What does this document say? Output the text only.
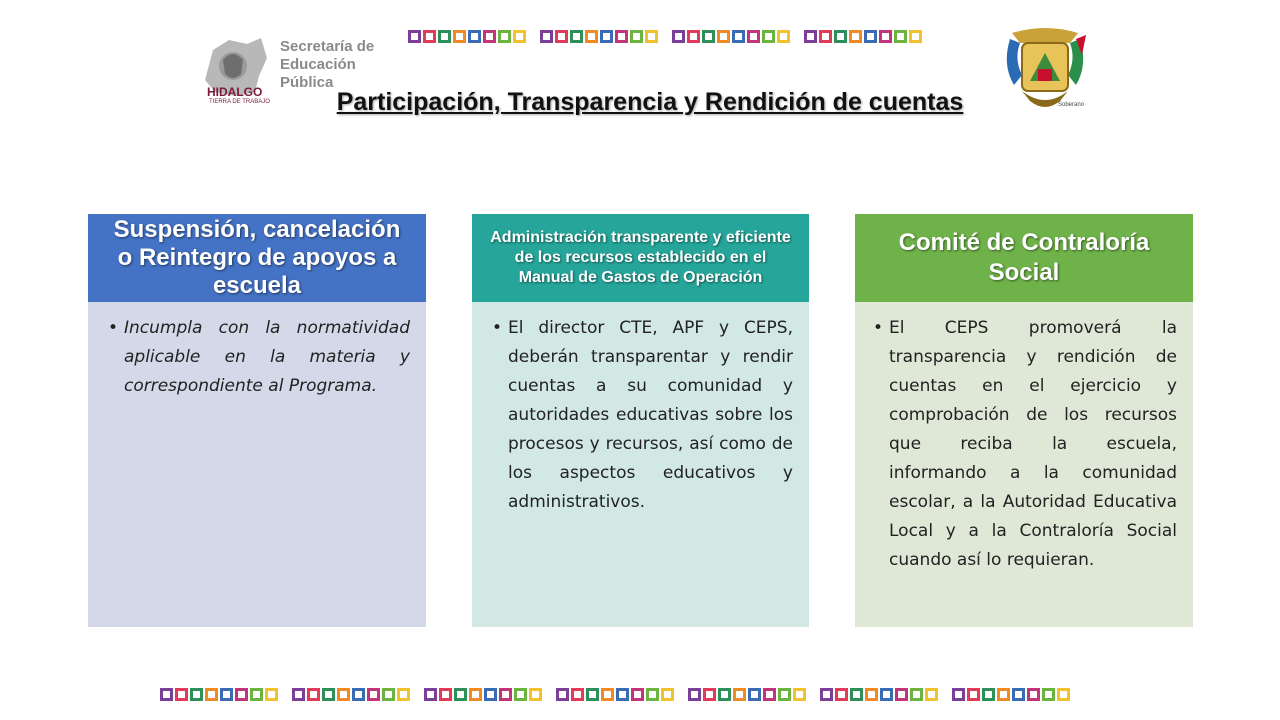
Secretaría de
Educación
Pública
HIDALGO
TIERRA DE TRABAJO	Soberano
Participación, Transparencia y Rendición de cuentas
Suspensión, cancelación o Reintegro de apoyos a escuela
• Incumpla con la normatividad aplicable en la materia y correspondiente al Programa.
Administración transparente y eficiente de los recursos establecido en el Manual de Gastos de Operación
• El director CTE, APF y CEPS, deberán transparentar y rendir cuentas a su comunidad y autoridades educativas sobre los procesos y recursos, así como de los aspectos educativos y administrativos.
Comité de Contraloría Social
• El CEPS promoverá la transparencia y rendición de cuentas en el ejercicio y comprobación de los recursos que reciba la escuela, informando a la comunidad escolar, a la Autoridad Educativa Local y a la Contraloría Social cuando así lo requieran.
